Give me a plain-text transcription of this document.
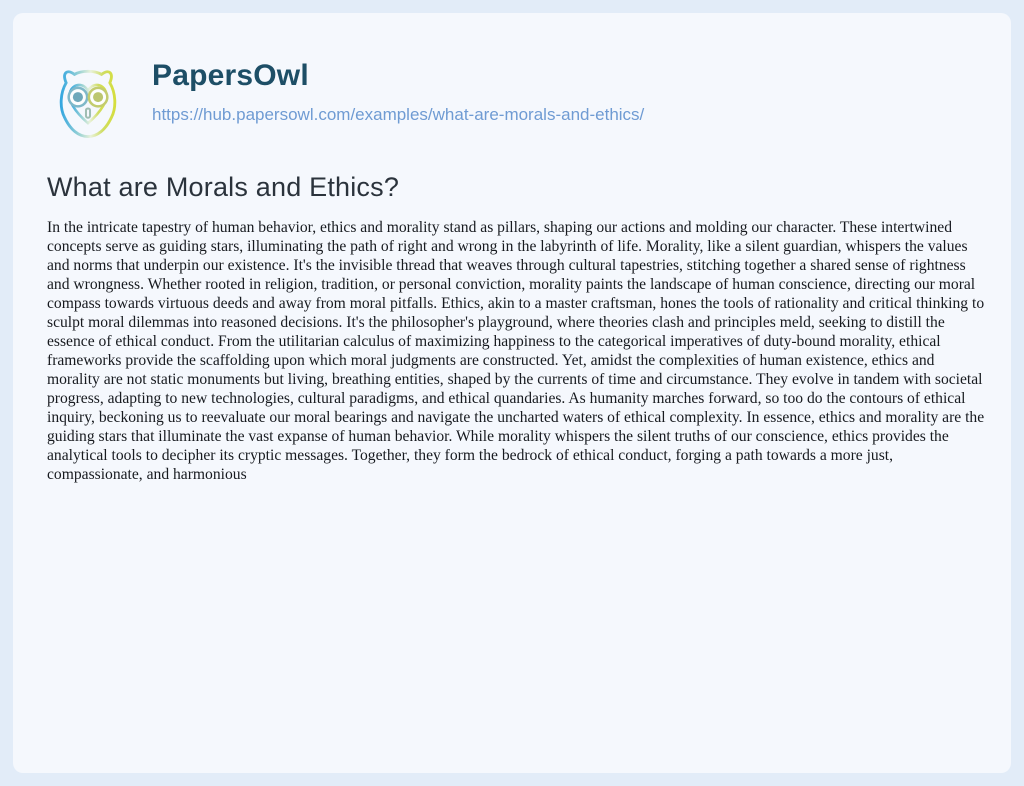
PapersOwl
https://hub.papersowl.com/examples/what-are-morals-and-ethics/
What are Morals and Ethics?
In the intricate tapestry of human behavior, ethics and morality stand as pillars, shaping our actions and molding our character. These intertwined concepts serve as guiding stars, illuminating the path of right and wrong in the labyrinth of life. Morality, like a silent guardian, whispers the values and norms that underpin our existence. It's the invisible thread that weaves through cultural tapestries, stitching together a shared sense of rightness and wrongness. Whether rooted in religion, tradition, or personal conviction, morality paints the landscape of human conscience, directing our moral compass towards virtuous deeds and away from moral pitfalls. Ethics, akin to a master craftsman, hones the tools of rationality and critical thinking to sculpt moral dilemmas into reasoned decisions. It's the philosopher's playground, where theories clash and principles meld, seeking to distill the essence of ethical conduct. From the utilitarian calculus of maximizing happiness to the categorical imperatives of duty-bound morality, ethical frameworks provide the scaffolding upon which moral judgments are constructed. Yet, amidst the complexities of human existence, ethics and morality are not static monuments but living, breathing entities, shaped by the currents of time and circumstance. They evolve in tandem with societal progress, adapting to new technologies, cultural paradigms, and ethical quandaries. As humanity marches forward, so too do the contours of ethical inquiry, beckoning us to reevaluate our moral bearings and navigate the uncharted waters of ethical complexity. In essence, ethics and morality are the guiding stars that illuminate the vast expanse of human behavior. While morality whispers the silent truths of our conscience, ethics provides the analytical tools to decipher its cryptic messages. Together, they form the bedrock of ethical conduct, forging a path towards a more just, compassionate, and harmonious
